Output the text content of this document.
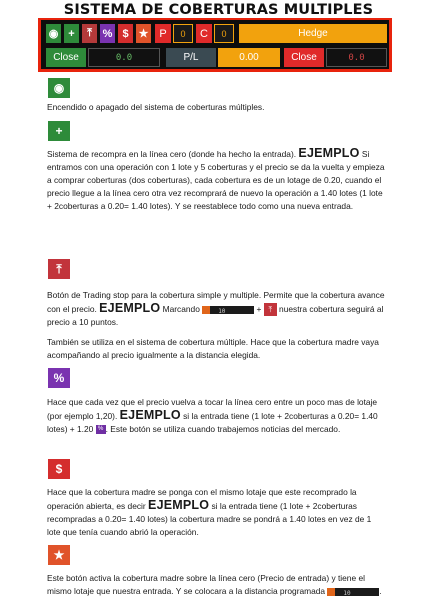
SISTEMA DE COBERTURAS MULTIPLES
◉ + ⤒ % $ ★ P	0	C	0	Hedge
Close	0.0	P/L	0.00	Close	0.0
◉
Encendido o apagado del sistema de coberturas múltiples.
+
Sistema de recompra en la línea cero (donde ha hecho la entrada). EJEMPLO Si entramos con una operación con 1 lote y 5 coberturas y el precio se da la vuelta y empieza a comprar coberturas (dos coberturas), cada cobertura es de un lotage de 0.20, cuando el precio llegue a la línea cero otra vez recomprará de nuevo la operación a 1.40 lotes (1 lote + 2coberturas a 0.20= 1.40 lotes). Y se reestablece todo como una nueva entrada.
⤒
Botón de Trading stop para la cobertura simple y multiple. Permite que la cobertura avance con el precio. EJEMPLO Marcando	10	+ ⤒ nuestra cobertura seguirá al precio a 10 puntos.
También se utiliza en el sistema de cobertura múltiple. Hace que la cobertura madre vaya acompañando al precio igualmente a la distancia elegida.
%
Hace que cada vez que el precio vuelva a tocar la línea cero entre un poco mas de lotaje (por ejemplo 1,20). EJEMPLO si la entrada tiene (1 lote + 2coberturas a 0.20= 1.40 lotes) + 1.20 % . Este botón se utiliza cuando trabajemos noticias del mercado.
$
Hace que la cobertura madre se ponga con el mismo lotaje que este recomprado la operación abierta, es decir EJEMPLO si la entrada tiene (1 lote + 2coberturas recompradas a 0.20= 1.40 lotes) la cobertura madre se pondrá a 1.40 lotes en vez de 1 lote que tenía cuando abrió la operación.
★
Este botón activa la cobertura madre sobre la línea cero (Precio de entrada) y tiene el mismo lotaje que nuestra entrada. Y se colocara a la distancia programada	10	.
